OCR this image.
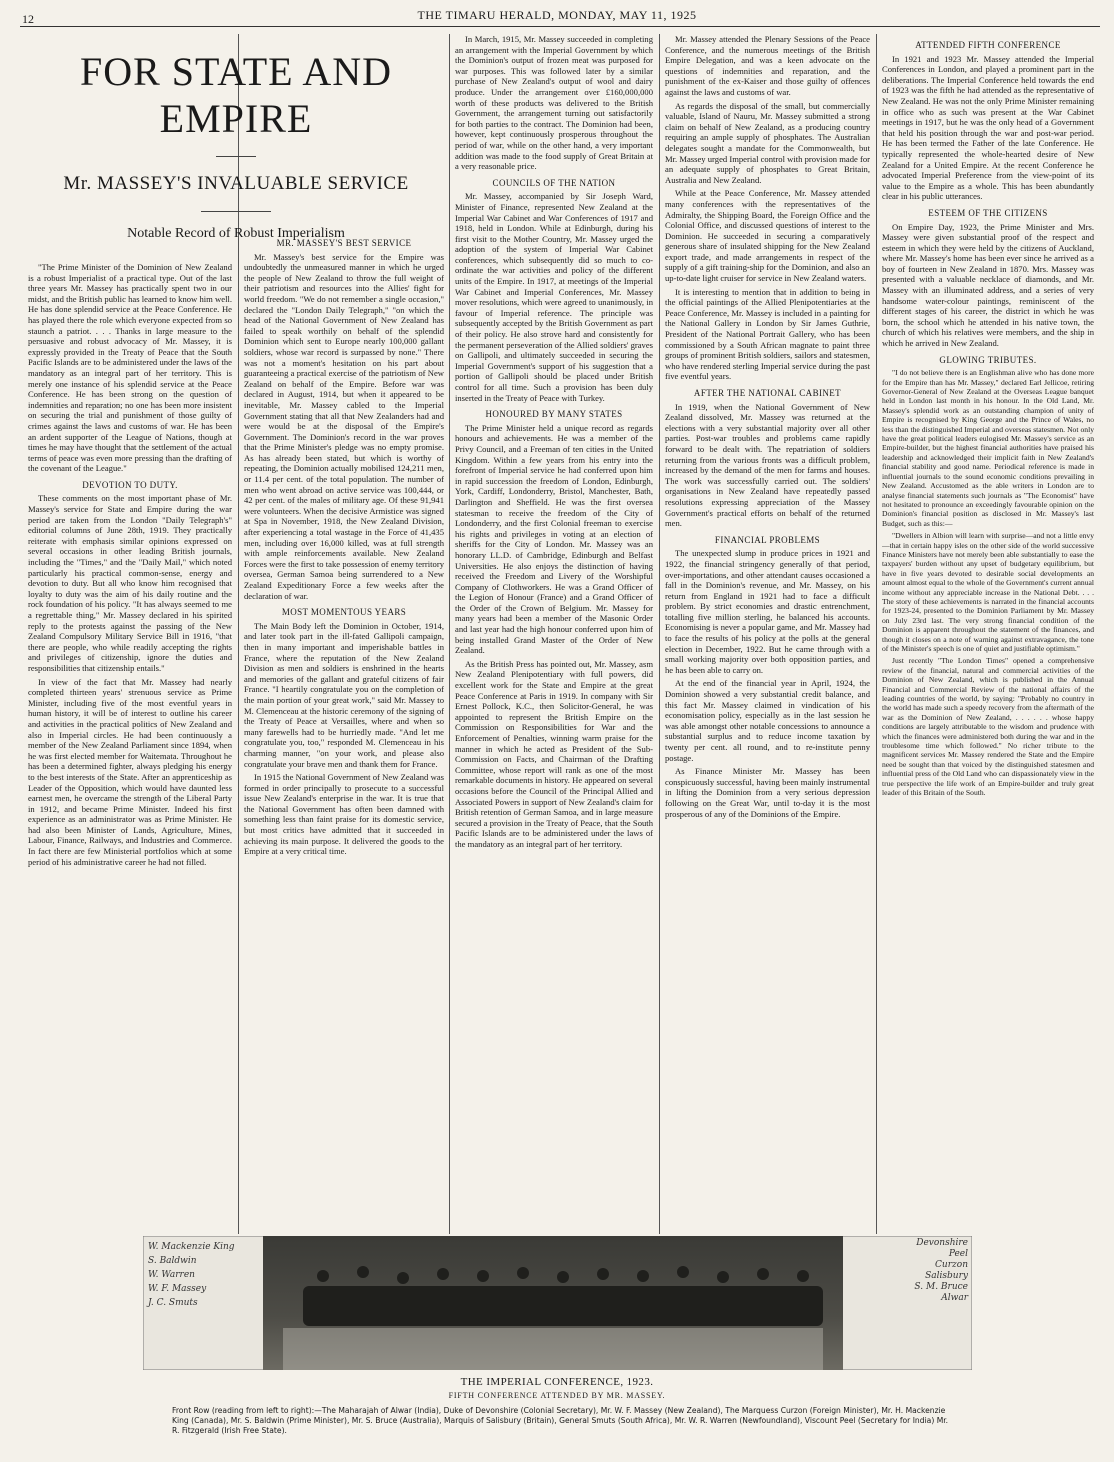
12	THE TIMARU HERALD, MONDAY, MAY 11, 1925
FOR STATE AND EMPIRE
Mr. MASSEY'S INVALUABLE SERVICE
Notable Record of Robust Imperialism

"The Prime Minister of the Dominion of New Zealand is a robust Imperialist of a practical type. Out of the last three years Mr. Massey has practically spent two in our midst, and the British public has learned to know him well. He has done splendid service at the Peace Conference. He has played there the role which everyone expected from so staunch a patriot. . . . Thanks in large measure to the persuasive and robust advocacy of Mr. Massey, it is expressly provided in the Treaty of Peace that the South Pacific Islands are to be administered under the laws of the mandatory as an integral part of her territory. This is merely one instance of his splendid service at the Peace Conference. He has been strong on the question of indemnities and reparation; no one has been more insistent on securing the trial and punishment of those guilty of crimes against the laws and customs of war. He has been an ardent supporter of the League of Nations, though at times he may have thought that the settlement of the actual terms of peace was even more pressing than the drafting of the covenant of the League."

DEVOTION TO DUTY.

These comments on the most important phase of Mr. Massey's service for State and Empire during the war period are taken from the London "Daily Telegraph's" editorial columns of June 28th, 1919. They practically reiterate with emphasis similar opinions expressed on several occasions in other leading British journals, including the "Times," and the "Daily Mail," which noted particularly his practical common-sense, energy and devotion to duty. But all who know him recognised that loyalty to duty was the aim of his daily routine and the rock foundation of his policy. "It has always seemed to me a regrettable thing," Mr. Massey declared in his spirited reply to the protests against the passing of the New Zealand Compulsory Military Service Bill in 1916, "that there are people, who while readily accepting the rights and privileges of citizenship, ignore the duties and responsibilities that citizenship entails."

In view of the fact that Mr. Massey had nearly completed thirteen years' strenuous service as Prime Minister, including five of the most eventful years in human history, it will be of interest to outline his career and activities in the practical politics of New Zealand and also in Imperial circles. He had been continuously a member of the New Zealand Parliament since 1894, when he was first elected member for Waitemata. Throughout he has been a determined fighter, always pledging his energy to the best interests of the State. After an apprenticeship as Leader of the Opposition, which would have daunted less earnest men, he overcame the strength of the Liberal Party in 1912, and became Prime Minister. Indeed his first experience as an administrator was as Prime Minister. He had also been Minister of Lands, Agriculture, Mines, Labour, Finance, Railways, and Industries and Commerce. In fact there are few Ministerial portfolios which at some period of his administrative career he had not filled.

MR. MASSEY'S BEST SERVICE

Mr. Massey's best service for the Empire was undoubtedly the unmeasured manner in which he urged the people of New Zealand to throw the full weight of their patriotism and resources into the Allies' fight for world freedom. "We do not remember a single occasion," declared the "London Daily Telegraph," "on which the head of the National Government of New Zealand has failed to speak worthily on behalf of the splendid Dominion which sent to Europe nearly 100,000 gallant soldiers, whose war record is surpassed by none." There was not a moment's hesitation on his part about guaranteeing a practical exercise of the patriotism of New Zealand on behalf of the Empire. Before war was declared in August, 1914, but when it appeared to be inevitable, Mr. Massey cabled to the Imperial Government stating that all that New Zealanders had and were would be at the disposal of the Empire's Government. The Dominion's record in the war proves that the Prime Minister's pledge was no empty promise. As has already been stated, but which is worthy of repeating, the Dominion actually mobilised 124,211 men, or 11.4 per cent. of the total population. The number of men who went abroad on active service was 100,444, or 42 per cent. of the males of military age. Of these 91,941 were volunteers. When the decisive Armistice was signed at Spa in November, 1918, the New Zealand Division, after experiencing a total wastage in the Force of 41,435 men, including over 16,000 killed, was at full strength with ample reinforcements available. New Zealand Forces were the first to take possession of enemy territory oversea, German Samoa being surrendered to a New Zealand Expeditionary Force a few weeks after the declaration of war.

MOST MOMENTOUS YEARS

The Main Body left the Dominion in October, 1914, and later took part in the ill-fated Gallipoli campaign, then in many important and imperishable battles in France, where the reputation of the New Zealand Division as men and soldiers is enshrined in the hearts and memories of the gallant and grateful citizens of fair France. "I heartily congratulate you on the completion of the main portion of your great work," said Mr. Massey to M. Clemenceau at the historic ceremony of the signing of the Treaty of Peace at Versailles, where and when so many farewells had to be hurriedly made. "And let me congratulate you, too," responded M. Clemenceau in his charming manner, "on your work, and please also congratulate your brave men and thank them for France.

In 1915 the National Government of New Zealand was formed in order principally to prosecute to a successful issue New Zealand's enterprise in the war. It is true that the National Government has often been damned with something less than faint praise for its domestic service, but most critics have admitted that it succeeded in achieving its main purpose. It delivered the goods to the Empire at a very critical time.

In March, 1915, Mr. Massey succeeded in completing an arrangement with the Imperial Government by which the Dominion's output of frozen meat was purposed for war purposes. This was followed later by a similar purchase of New Zealand's output of wool and dairy produce. Under the arrangement over £160,000,000 worth of these products was delivered to the British Government, the arrangement turning out satisfactorily for both parties to the contract. The Dominion had been, however, kept continuously prosperous throughout the period of war, while on the other hand, a very important addition was made to the food supply of Great Britain at a very reasonable price.

COUNCILS OF THE NATION

Mr. Massey, accompanied by Sir Joseph Ward, Minister of Finance, represented New Zealand at the Imperial War Cabinet and War Conferences of 1917 and 1918, held in London. While at Edinburgh, during his first visit to the Mother Country, Mr. Massey urged the adoption of the system of Imperial War Cabinet conferences, which subsequently did so much to co-ordinate the war activities and policy of the different units of the Empire. In 1917, at meetings of the Imperial War Cabinet and Imperial Conferences, Mr. Massey mover resolutions, which were agreed to unanimously, in favour of Imperial reference. The principle was subsequently accepted by the British Government as part of their policy. He also strove hard and consistently for the permanent perseveration of the Allied soldiers' graves on Gallipoli, and ultimately succeeded in securing the Imperial Government's support of his suggestion that a portion of Gallipoli should be placed under British control for all time. Such a provision has been duly inserted in the Treaty of Peace with Turkey.

HONOURED BY MANY STATES

The Prime Minister held a unique record as regards honours and achievements. He was a member of the Privy Council, and a Freeman of ten cities in the United Kingdom. Within a few years from his entry into the forefront of Imperial service he had conferred upon him in rapid succession the freedom of London, Edinburgh, York, Cardiff, Londonderry, Bristol, Manchester, Bath, Darlington and Sheffield. He was the first oversea statesman to receive the freedom of the City of Londonderry, and the first Colonial freeman to exercise his rights and privileges in voting at an election of sheriffs for the City of London. Mr. Massey was an honorary LL.D. of Cambridge, Edinburgh and Belfast Universities. He also enjoys the distinction of having received the Freedom and Livery of the Worshipful Company of Clothworkers. He was a Grand Officer of the Legion of Honour (France) and a Grand Officer of the Order of the Crown of Belgium. Mr. Massey for many years had been a member of the Masonic Order and last year had the high honour conferred upon him of being installed Grand Master of the Order of New Zealand.

As the British Press has pointed out, Mr. Massey, asm New Zealand Plenipotentiary with full powers, did excellent work for the State and Empire at the great Peace Conference at Paris in 1919. In company with Sir Ernest Pollock, K.C., then Solicitor-General, he was appointed to represent the British Empire on the Commission on Responsibilities for War and the Enforcement of Penalties, winning warm praise for the manner in which he acted as President of the Sub-Commission on Facts, and Chairman of the Drafting Committee, whose report will rank as one of the most remarkable documents in history. He appeared on several occasions before the Council of the Principal Allied and Associated Powers in support of New Zealand's claim for British retention of German Samoa, and in large measure secured a provision in the Treaty of Peace, that the South Pacific Islands are to be administered under the laws of the mandatory as an integral part of her territory.

Mr. Massey attended the Plenary Sessions of the Peace Conference, and the numerous meetings of the British Empire Delegation, and was a keen advocate on the questions of indemnities and reparation, and the punishment of the ex-Kaiser and those guilty of offences against the laws and customs of war.

As regards the disposal of the small, but commercially valuable, Island of Nauru, Mr. Massey submitted a strong claim on behalf of New Zealand, as a producing country requiring an ample supply of phosphates. The Australian delegates sought a mandate for the Commonwealth, but Mr. Massey urged Imperial control with provision made for an adequate supply of phosphates to Great Britain, Australia and New Zealand.

While at the Peace Conference, Mr. Massey attended many conferences with the representatives of the Admiralty, the Shipping Board, the Foreign Office and the Colonial Office, and discussed questions of interest to the Dominion. He succeeded in securing a comparatively generous share of insulated shipping for the New Zealand export trade, and made arrangements in respect of the supply of a gift training-ship for the Dominion, and also an up-to-date light cruiser for service in New Zealand waters.

It is interesting to mention that in addition to being in the official paintings of the Allied Plenipotentiaries at the Peace Conference, Mr. Massey is included in a painting for the National Gallery in London by Sir James Guthrie, President of the National Portrait Gallery, who has been commissioned by a South African magnate to paint three groups of prominent British soldiers, sailors and statesmen, who have rendered sterling Imperial service during the past five eventful years.

AFTER THE NATIONAL CABINET

In 1919, when the National Government of New Zealand dissolved, Mr. Massey was returned at the elections with a very substantial majority over all other parties. Post-war troubles and problems came rapidly forward to be dealt with. The repatriation of soldiers returning from the various fronts was a difficult problem, increased by the demand of the men for farms and houses. The work was successfully carried out. The soldiers' organisations in New Zealand have repeatedly passed resolutions expressing appreciation of the Massey Government's practical efforts on behalf of the returned men.

FINANCIAL PROBLEMS

The unexpected slump in produce prices in 1921 and 1922, the financial stringency generally of that period, over-importations, and other attendant causes occasioned a fall in the Dominion's revenue, and Mr. Massey, on his return from England in 1921 had to face a difficult problem. By strict economies and drastic entrenchment, totalling five million sterling, he balanced his accounts. Economising is never a popular game, and Mr. Massey had to face the results of his policy at the polls at the general election in December, 1922. But he came through with a small working majority over both opposition parties, and he has been able to carry on.

At the end of the financial year in April, 1924, the Dominion showed a very substantial credit balance, and this fact Mr. Massey claimed in vindication of his economisation policy, especially as in the last session he was able amongst other notable concessions to announce a substantial surplus and to reduce income taxation by twenty per cent. all round, and to re-institute penny postage.

As Finance Minister Mr. Massey has been conspicuously successful, having been mainly instrumental in lifting the Dominion from a very serious depression following on the Great War, until to-day it is the most prosperous of any of the Dominions of the Empire.

ATTENDED FIFTH CONFERENCE

In 1921 and 1923 Mr. Massey attended the Imperial Conferences in London, and played a prominent part in the deliberations. The Imperial Conference held towards the end of 1923 was the fifth he had attended as the representative of New Zealand. He was not the only Prime Minister remaining in office who as such was present at the War Cabinet meetings in 1917, but he was the only head of a Government that held his position through the war and post-war period. He has been termed the Father of the late Conference. He typically represented the whole-hearted desire of New Zealand for a United Empire. At the recent Conference he advocated Imperial Preference from the view-point of its value to the Empire as a whole. This has been abundantly clear in his public utterances.

ESTEEM OF THE CITIZENS

On Empire Day, 1923, the Prime Minister and Mrs. Massey were given substantial proof of the respect and esteem in which they were held by the citizens of Auckland, where Mr. Massey's home has been ever since he arrived as a boy of fourteen in New Zealand in 1870. Mrs. Massey was presented with a valuable necklace of diamonds, and Mr. Massey with an illuminated address, and a series of very handsome water-colour paintings, reminiscent of the different stages of his career, the district in which he was born, the school which he attended in his native town, the church of which his relatives were members, and the ship in which he arrived in New Zealand.

GLOWING TRIBUTES.

"I do not believe there is an Englishman alive who has done more for the Empire than has Mr. Massey," declared Earl Jellicoe, retiring Governor-General of New Zealand at the Overseas League banquet held in London last month in his honour. In the Old Land, Mr. Massey's splendid work as an outstanding champion of unity of Empire is recognised by King George and the Prince of Wales, no less than the distinguished Imperial and overseas statesmen. Not only have the great political leaders eulogised Mr. Massey's service as an Empire-builder, but the highest financial authorities have praised his leadership and acknowledged their implicit faith in New Zealand's financial stability and good name. Periodical reference is made in influential journals to the sound economic conditions prevailing in New Zealand. Accustomed as the able writers in London are to analyse financial statements such journals as "The Economist" have not hesitated to pronounce an exceedingly favourable opinion on the Dominion's financial position as disclosed in Mr. Massey's last Budget, such as this:—

"Dwellers in Albion will learn with surprise—and not a little envy—that in certain happy isles on the other side of the world successive Finance Ministers have not merely been able substantially to ease the taxpayers' burden without any upset of budgetary equilibrium, but have in five years devoted to desirable social developments an amount almost equal to the whole of the Government's current annual income without any appreciable increase in the National Debt. . . . The story of these achievements is narrated in the financial accounts for 1923-24, presented to the Dominion Parliament by Mr. Massey on July 23rd last. The very strong financial condition of the Dominion is apparent throughout the statement of the finances, and though it closes on a note of warning against extravagance, the tone of the Minister's speech is one of quiet and justifiable optimism."

Just recently "The London Times" opened a comprehensive review of the financial, natural and commercial activities of the Dominion of New Zealand, which is published in the Annual Financial and Commercial Review of the national affairs of the leading countries of the world, by saying: "Probably no country in the world has made such a speedy recovery from the aftermath of the war as the Dominion of New Zealand, . . . . . . whose happy conditions are largely attributable to the wisdom and prudence with which the finances were administered both during the war and in the troublesome time which followed." No richer tribute to the magnificent services Mr. Massey rendered the State and the Empire need be sought than that voiced by the distinguished statesmen and influential press of the Old Land who can dispassionately view in the true perspective the life work of an Empire-builder and truly great leader of this Britain of the South.

W. Mackenzie King
S. Baldwin
W. Warren
W. F. Massey
J. C. Smuts
Devonshire
Peel
Curzon
Salisbury
S. M. Bruce
Alwar
THE IMPERIAL CONFERENCE, 1923.
FIFTH CONFERENCE ATTENDED BY MR. MASSEY.
Front Row (reading from left to right):—The Maharajah of Alwar (India), Duke of Devonshire (Colonial Secretary), Mr. W. F. Massey (New Zealand), The Marquess Curzon (Foreign Minister), Mr. H. Mackenzie King (Canada), Mr. S. Baldwin (Prime Minister), Mr. S. Bruce (Australia), Marquis of Salisbury (Britain), General Smuts (South Africa), Mr. W. R. Warren (Newfoundland), Viscount Peel (Secretary for India) Mr. R. Fitzgerald (Irish Free State).
